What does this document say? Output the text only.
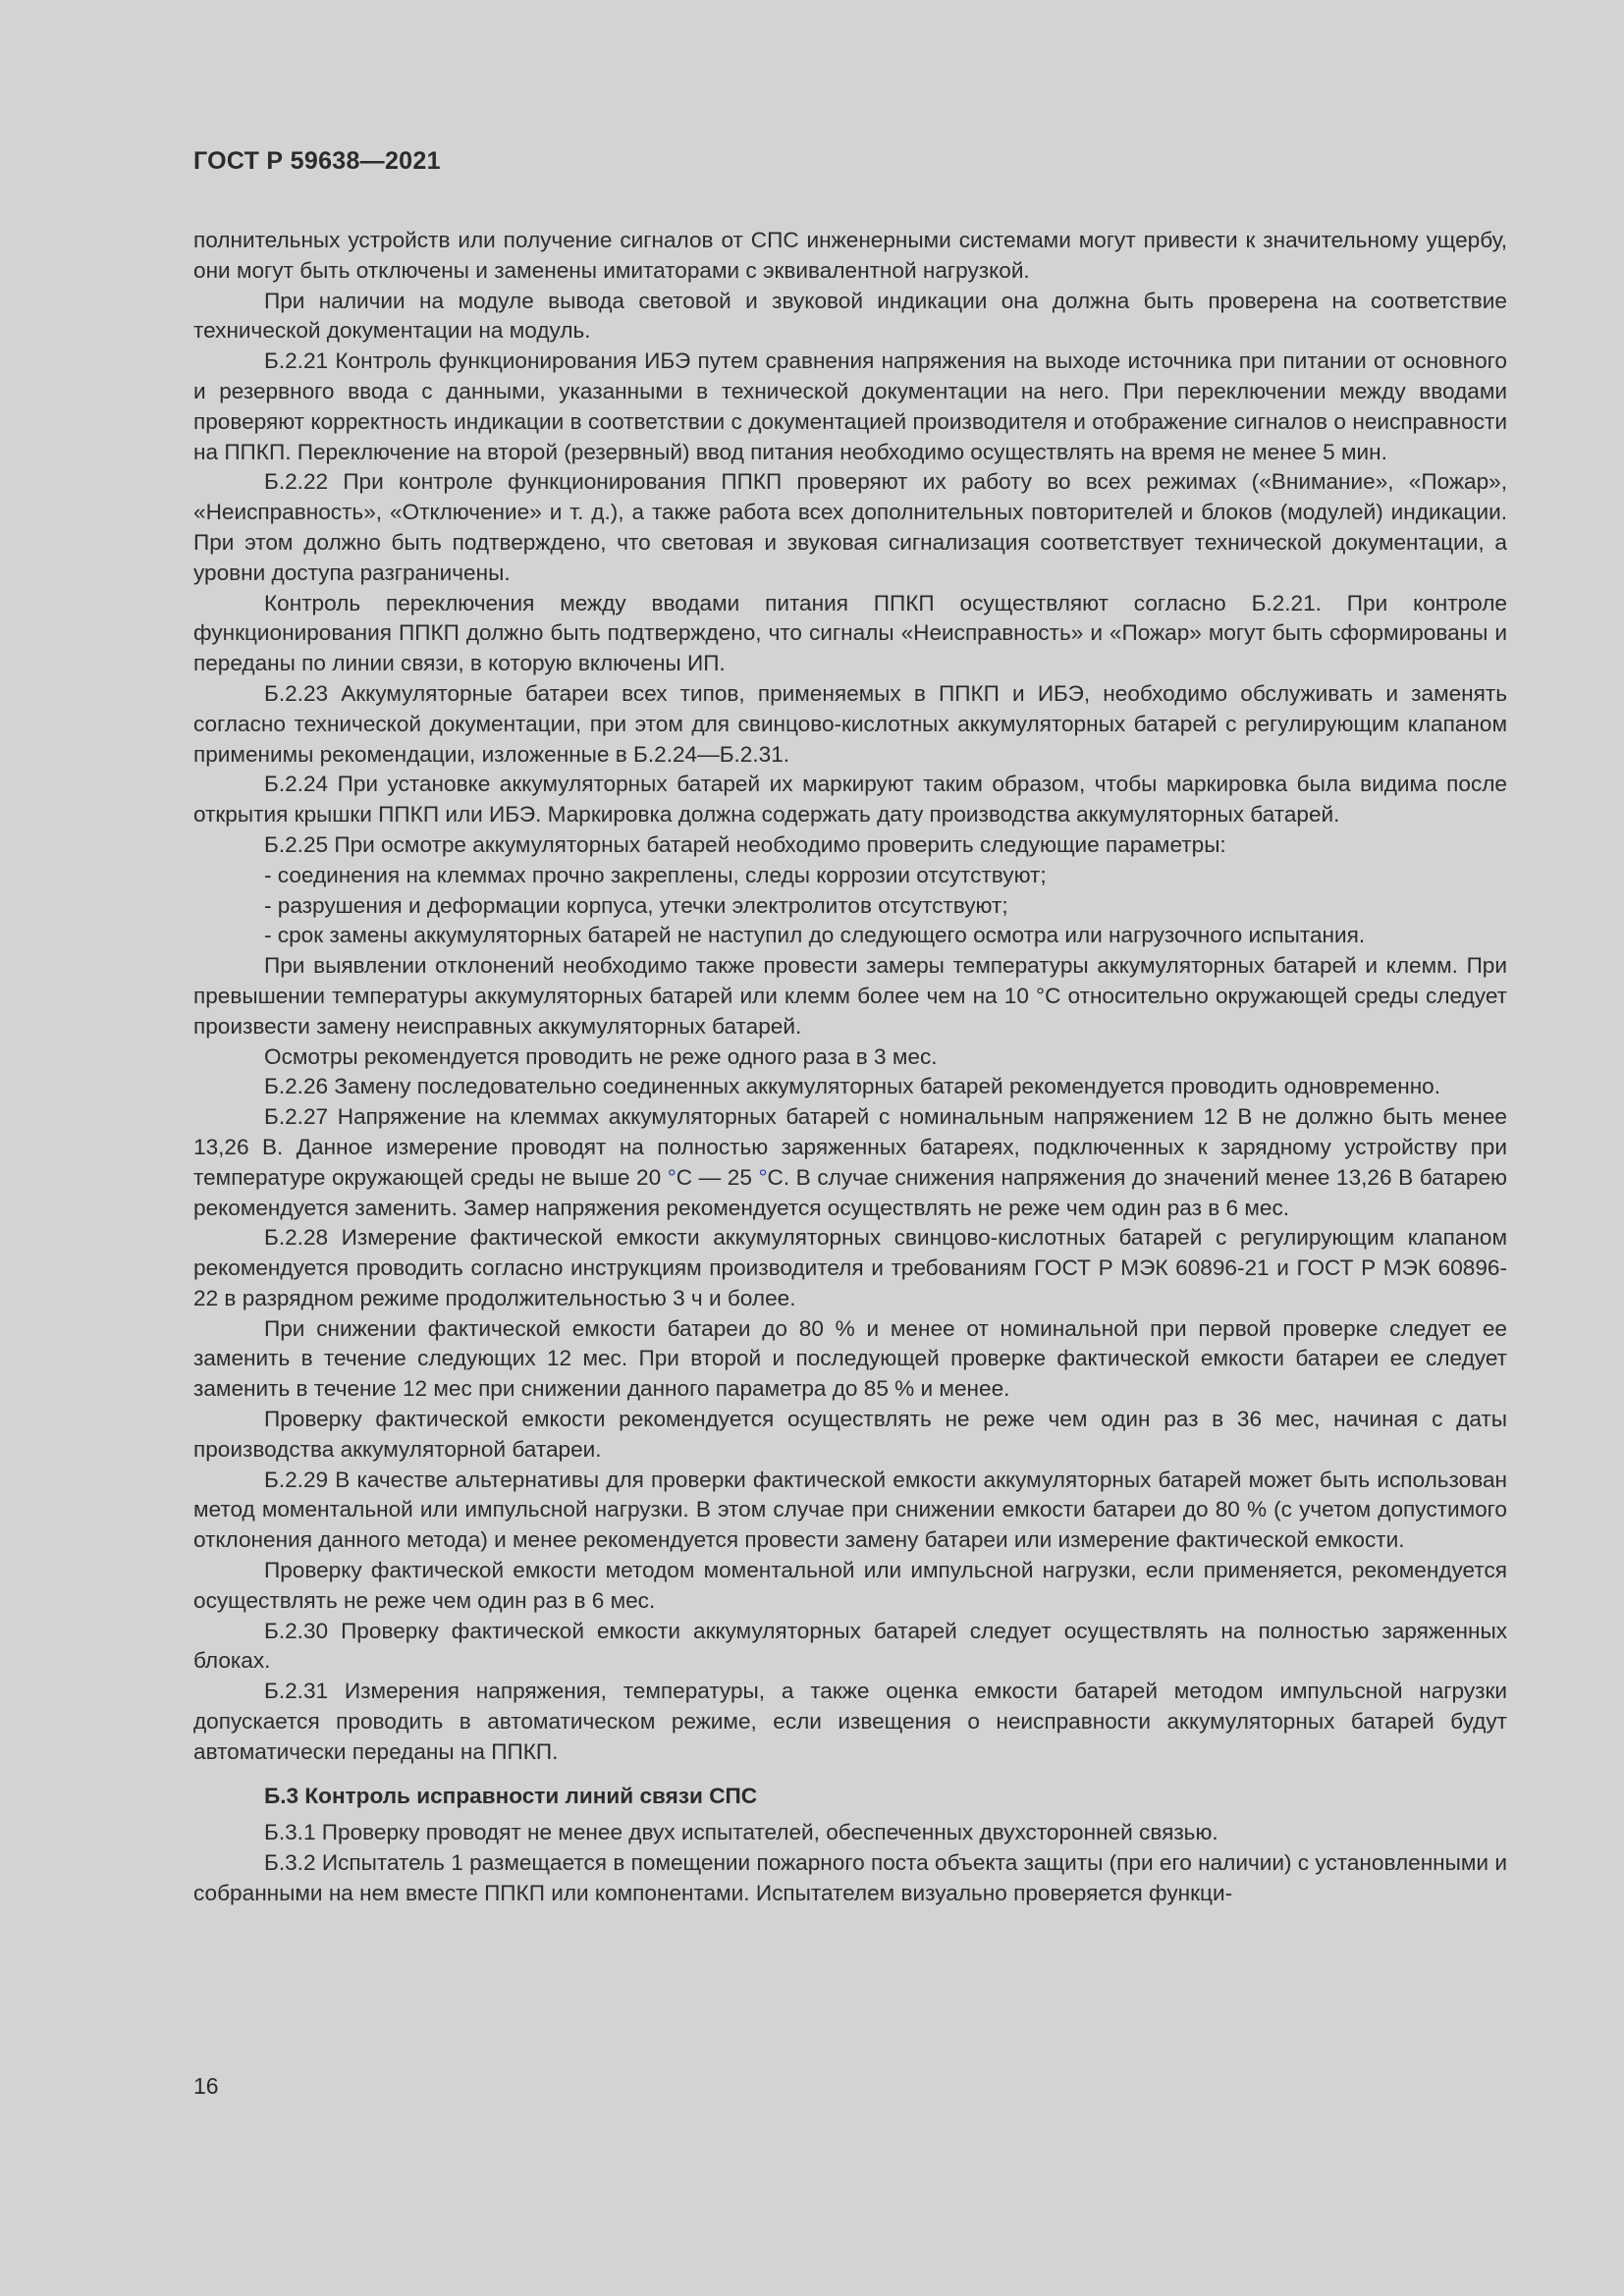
ГОСТ Р 59638—2021

полнительных устройств или получение сигналов от СПС инженерными системами могут привести к значительному ущербу, они могут быть отключены и заменены имитаторами с эквивалентной нагрузкой.

При наличии на модуле вывода световой и звуковой индикации она должна быть проверена на соответствие технической документации на модуль.

Б.2.21 Контроль функционирования ИБЭ путем сравнения напряжения на выходе источника при питании от основного и резервного ввода с данными, указанными в технической документации на него. При переключении между вводами проверяют корректность индикации в соответствии с документацией производителя и отображение сигналов о неисправности на ППКП. Переключение на второй (резервный) ввод питания необходимо осуществлять на время не менее 5 мин.

Б.2.22 При контроле функционирования ППКП проверяют их работу во всех режимах («Внимание», «Пожар», «Неисправность», «Отключение» и т. д.), а также работа всех дополнительных повторителей и блоков (модулей) индикации. При этом должно быть подтверждено, что световая и звуковая сигнализация соответствует технической документации, а уровни доступа разграничены.

Контроль переключения между вводами питания ППКП осуществляют согласно Б.2.21. При контроле функционирования ППКП должно быть подтверждено, что сигналы «Неисправность» и «Пожар» могут быть сформированы и переданы по линии связи, в которую включены ИП.

Б.2.23 Аккумуляторные батареи всех типов, применяемых в ППКП и ИБЭ, необходимо обслуживать и заменять согласно технической документации, при этом для свинцово-кислотных аккумуляторных батарей с регулирующим клапаном применимы рекомендации, изложенные в Б.2.24—Б.2.31.

Б.2.24 При установке аккумуляторных батарей их маркируют таким образом, чтобы маркировка была видима после открытия крышки ППКП или ИБЭ. Маркировка должна содержать дату производства аккумуляторных батарей.

Б.2.25 При осмотре аккумуляторных батарей необходимо проверить следующие параметры:

- соединения на клеммах прочно закреплены, следы коррозии отсутствуют;

- разрушения и деформации корпуса, утечки электролитов отсутствуют;

- срок замены аккумуляторных батарей не наступил до следующего осмотра или нагрузочного испытания.

При выявлении отклонений необходимо также провести замеры температуры аккумуляторных батарей и клемм. При превышении температуры аккумуляторных батарей или клемм более чем на 10 °С относительно окружающей среды следует произвести замену неисправных аккумуляторных батарей.

Осмотры рекомендуется проводить не реже одного раза в 3 мес.

Б.2.26 Замену последовательно соединенных аккумуляторных батарей рекомендуется проводить одновременно.

Б.2.27 Напряжение на клеммах аккумуляторных батарей с номинальным напряжением 12 В не должно быть менее 13,26 В. Данное измерение проводят на полностью заряженных батареях, подключенных к зарядному устройству при температуре окружающей среды не выше 20 °С — 25 °С. В случае снижения напряжения до значений менее 13,26 В батарею рекомендуется заменить. Замер напряжения рекомендуется осуществлять не реже чем один раз в 6 мес.

Б.2.28 Измерение фактической емкости аккумуляторных свинцово-кислотных батарей с регулирующим клапаном рекомендуется проводить согласно инструкциям производителя и требованиям ГОСТ Р МЭК 60896-21 и ГОСТ Р МЭК 60896-22 в разрядном режиме продолжительностью 3 ч и более.

При снижении фактической емкости батареи до 80 % и менее от номинальной при первой проверке следует ее заменить в течение следующих 12 мес. При второй и последующей проверке фактической емкости батареи ее следует заменить в течение 12 мес при снижении данного параметра до 85 % и менее.

Проверку фактической емкости рекомендуется осуществлять не реже чем один раз в 36 мес, начиная с даты производства аккумуляторной батареи.

Б.2.29 В качестве альтернативы для проверки фактической емкости аккумуляторных батарей может быть использован метод моментальной или импульсной нагрузки. В этом случае при снижении емкости батареи до 80 % (с учетом допустимого отклонения данного метода) и менее рекомендуется провести замену батареи или измерение фактической емкости.

Проверку фактической емкости методом моментальной или импульсной нагрузки, если применяется, рекомендуется осуществлять не реже чем один раз в 6 мес.

Б.2.30 Проверку фактической емкости аккумуляторных батарей следует осуществлять на полностью заряженных блоках.

Б.2.31 Измерения напряжения, температуры, а также оценка емкости батарей методом импульсной нагрузки допускается проводить в автоматическом режиме, если извещения о неисправности аккумуляторных батарей будут автоматически переданы на ППКП.

Б.3 Контроль исправности линий связи СПС

Б.3.1 Проверку проводят не менее двух испытателей, обеспеченных двухсторонней связью.

Б.3.2 Испытатель 1 размещается в помещении пожарного поста объекта защиты (при его наличии) с установленными и собранными на нем вместе ППКП или компонентами. Испытателем визуально проверяется функци-

16
